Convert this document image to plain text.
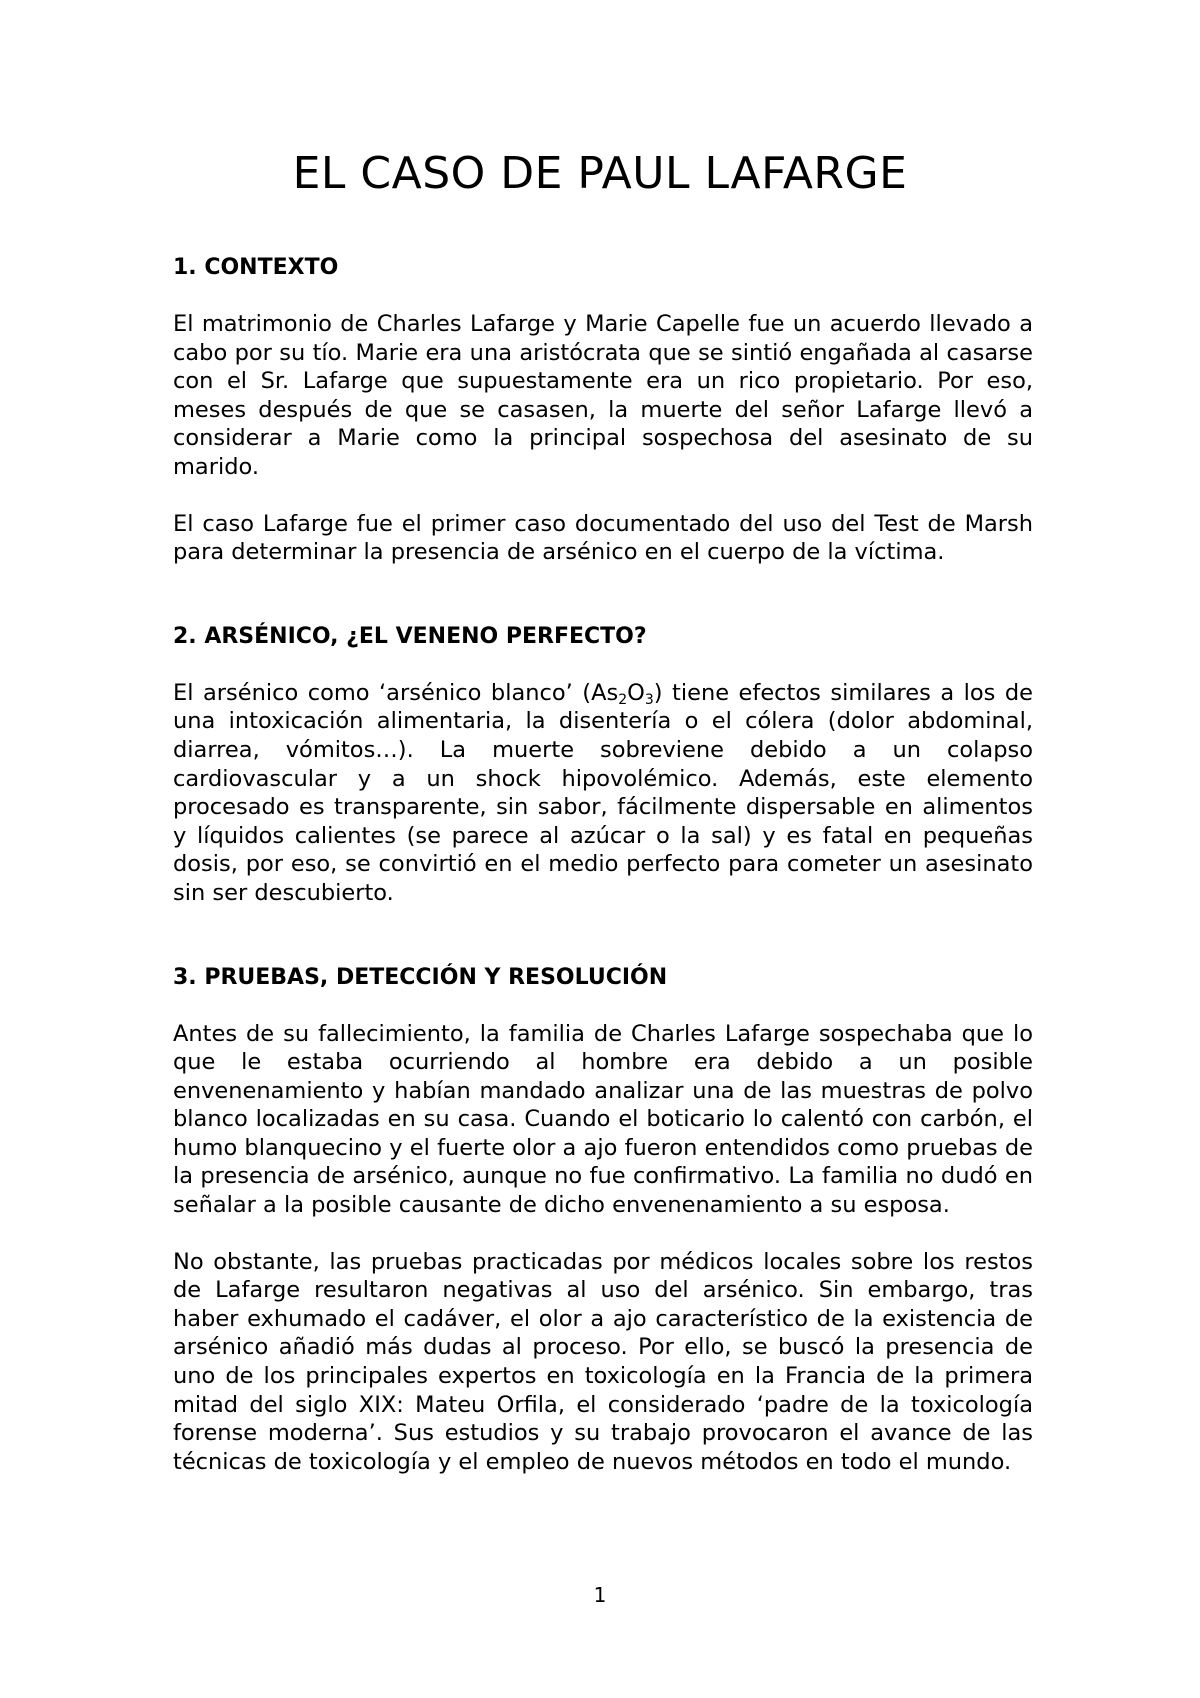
EL CASO DE PAUL LAFARGE
1. CONTEXTO

El matrimonio de Charles Lafarge y Marie Capelle fue un acuerdo llevado a cabo por su tío. Marie era una aristócrata que se sintió engañada al casarse con el Sr. Lafarge que supuestamente era un rico propietario. Por eso, meses después de que se casasen, la muerte del señor Lafarge llevó a considerar a Marie como la principal sospechosa del asesinato de su marido.

El caso Lafarge fue el primer caso documentado del uso del Test de Marsh para determinar la presencia de arsénico en el cuerpo de la víctima.

2. ARSÉNICO, ¿EL VENENO PERFECTO?

El arsénico como ‘arsénico blanco’ $(As_2O_3)$ tiene efectos similares a los de una intoxicación alimentaria, la disentería o el cólera (dolor abdominal, diarrea, vómitos…). La muerte sobreviene debido a un colapso cardiovascular y a un shock hipovolémico. Además, este elemento procesado es transparente, sin sabor, fácilmente dispersable en alimentos y líquidos calientes (se parece al azúcar o la sal) y es fatal en pequeñas dosis, por eso, se convirtió en el medio perfecto para cometer un asesinato sin ser descubierto.

3. PRUEBAS, DETECCIÓN Y RESOLUCIÓN

Antes de su fallecimiento, la familia de Charles Lafarge sospechaba que lo que le estaba ocurriendo al hombre era debido a un posible envenenamiento y habían mandado analizar una de las muestras de polvo blanco localizadas en su casa. Cuando el boticario lo calentó con carbón, el humo blanquecino y el fuerte olor a ajo fueron entendidos como pruebas de la presencia de arsénico, aunque no fue confirmativo. La familia no dudó en señalar a la posible causante de dicho envenenamiento a su esposa.

No obstante, las pruebas practicadas por médicos locales sobre los restos de Lafarge resultaron negativas al uso del arsénico. Sin embargo, tras haber exhumado el cadáver, el olor a ajo característico de la existencia de arsénico añadió más dudas al proceso. Por ello, se buscó la presencia de uno de los principales expertos en toxicología en la Francia de la primera mitad del siglo XIX: Mateu Orfila, el considerado ‘padre de la toxicología forense moderna’. Sus estudios y su trabajo provocaron el avance de las técnicas de toxicología y el empleo de nuevos métodos en todo el mundo.

1
